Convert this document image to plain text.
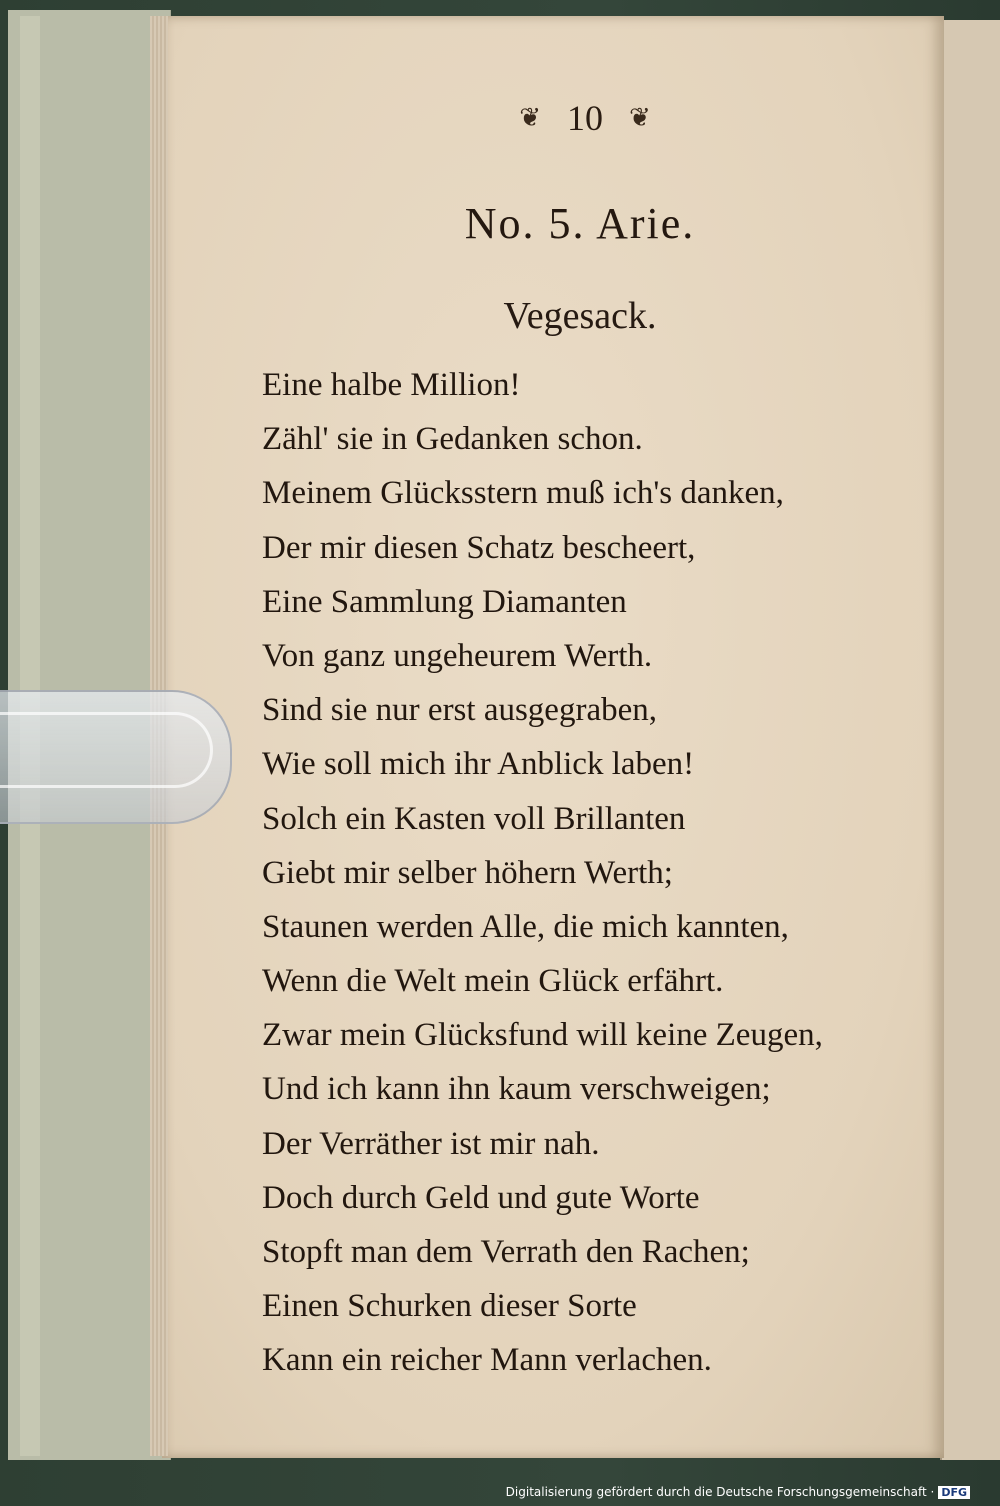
❦ 10 ❦
No. 5. Arie.
Vegesack.
Eine halbe Million!
Zähl' sie in Gedanken schon.
Meinem Glücksstern muß ich's danken,
Der mir diesen Schatz bescheert,
Eine Sammlung Diamanten
Von ganz ungeheurem Werth.
Sind sie nur erst ausgegraben,
Wie soll mich ihr Anblick laben!
Solch ein Kasten voll Brillanten
Giebt mir selber höhern Werth;
Staunen werden Alle, die mich kannten,
Wenn die Welt mein Glück erfährt.
Zwar mein Glücksfund will keine Zeugen,
Und ich kann ihn kaum verschweigen;
Der Verräther ist mir nah.
Doch durch Geld und gute Worte
Stopft man dem Verrath den Rachen;
Einen Schurken dieser Sorte
Kann ein reicher Mann verlachen.
Digitalisierung gefördert durch die Deutsche Forschungsgemeinschaft · DFG
